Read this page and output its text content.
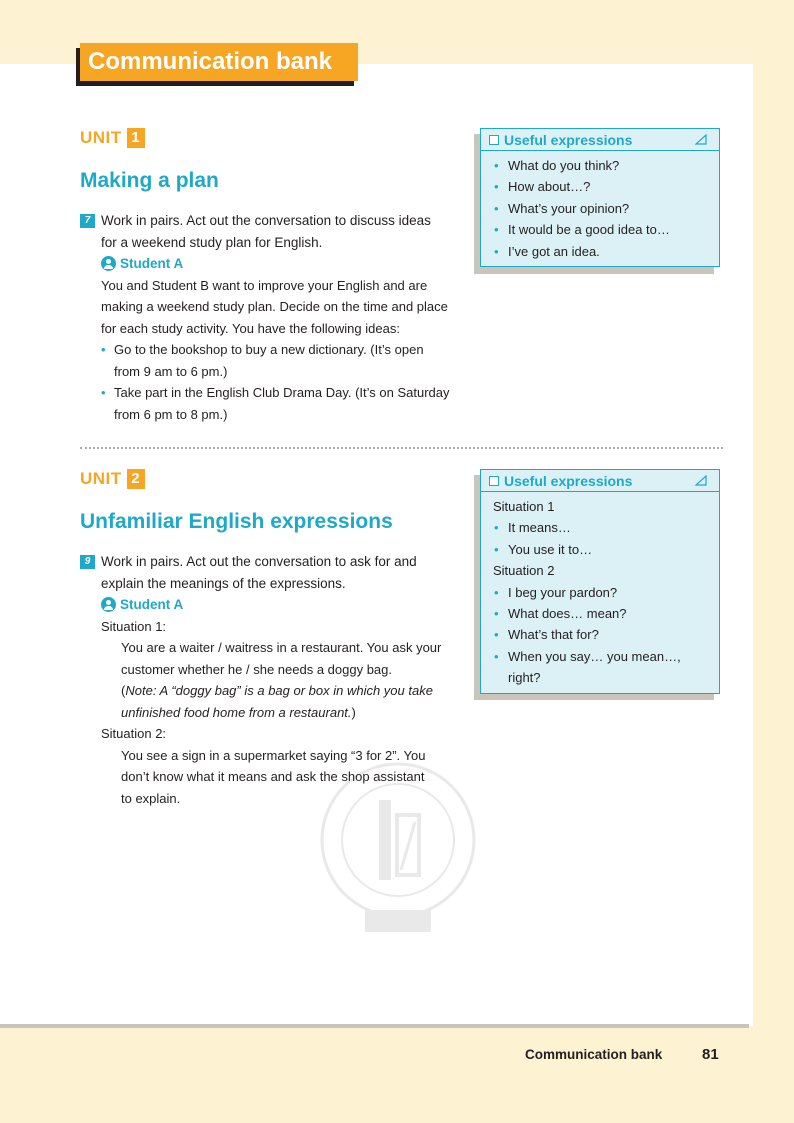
Communication bank
UNIT 1
Making a plan
7 Work in pairs. Act out the conversation to discuss ideas
for a weekend study plan for English.
Student A
You and Student B want to improve your English and are
making a weekend study plan. Decide on the time and place
for each study activity. You have the following ideas:
• Go to the bookshop to buy a new dictionary. (It’s open
from 9 am to 6 pm.)
• Take part in the English Club Drama Day. (It’s on Saturday
from 6 pm to 8 pm.)
Useful expressions
• What do you think?
• How about…?
• What’s your opinion?
• It would be a good idea to…
• I’ve got an idea.
UNIT 2
Unfamiliar English expressions
9 Work in pairs. Act out the conversation to ask for and
explain the meanings of the expressions.
Student A
Situation 1:
You are a waiter / waitress in a restaurant. You ask your
customer whether he / she needs a doggy bag.
(Note: A “doggy bag” is a bag or box in which you take
unfinished food home from a restaurant.)
Situation 2:
You see a sign in a supermarket saying “3 for 2”. You
don’t know what it means and ask the shop assistant
to explain.
Useful expressions
Situation 1
• It means…
• You use it to…
Situation 2
• I beg your pardon?
• What does… mean?
• What’s that for?
• When you say… you mean…,
right?
Communication bank	81
